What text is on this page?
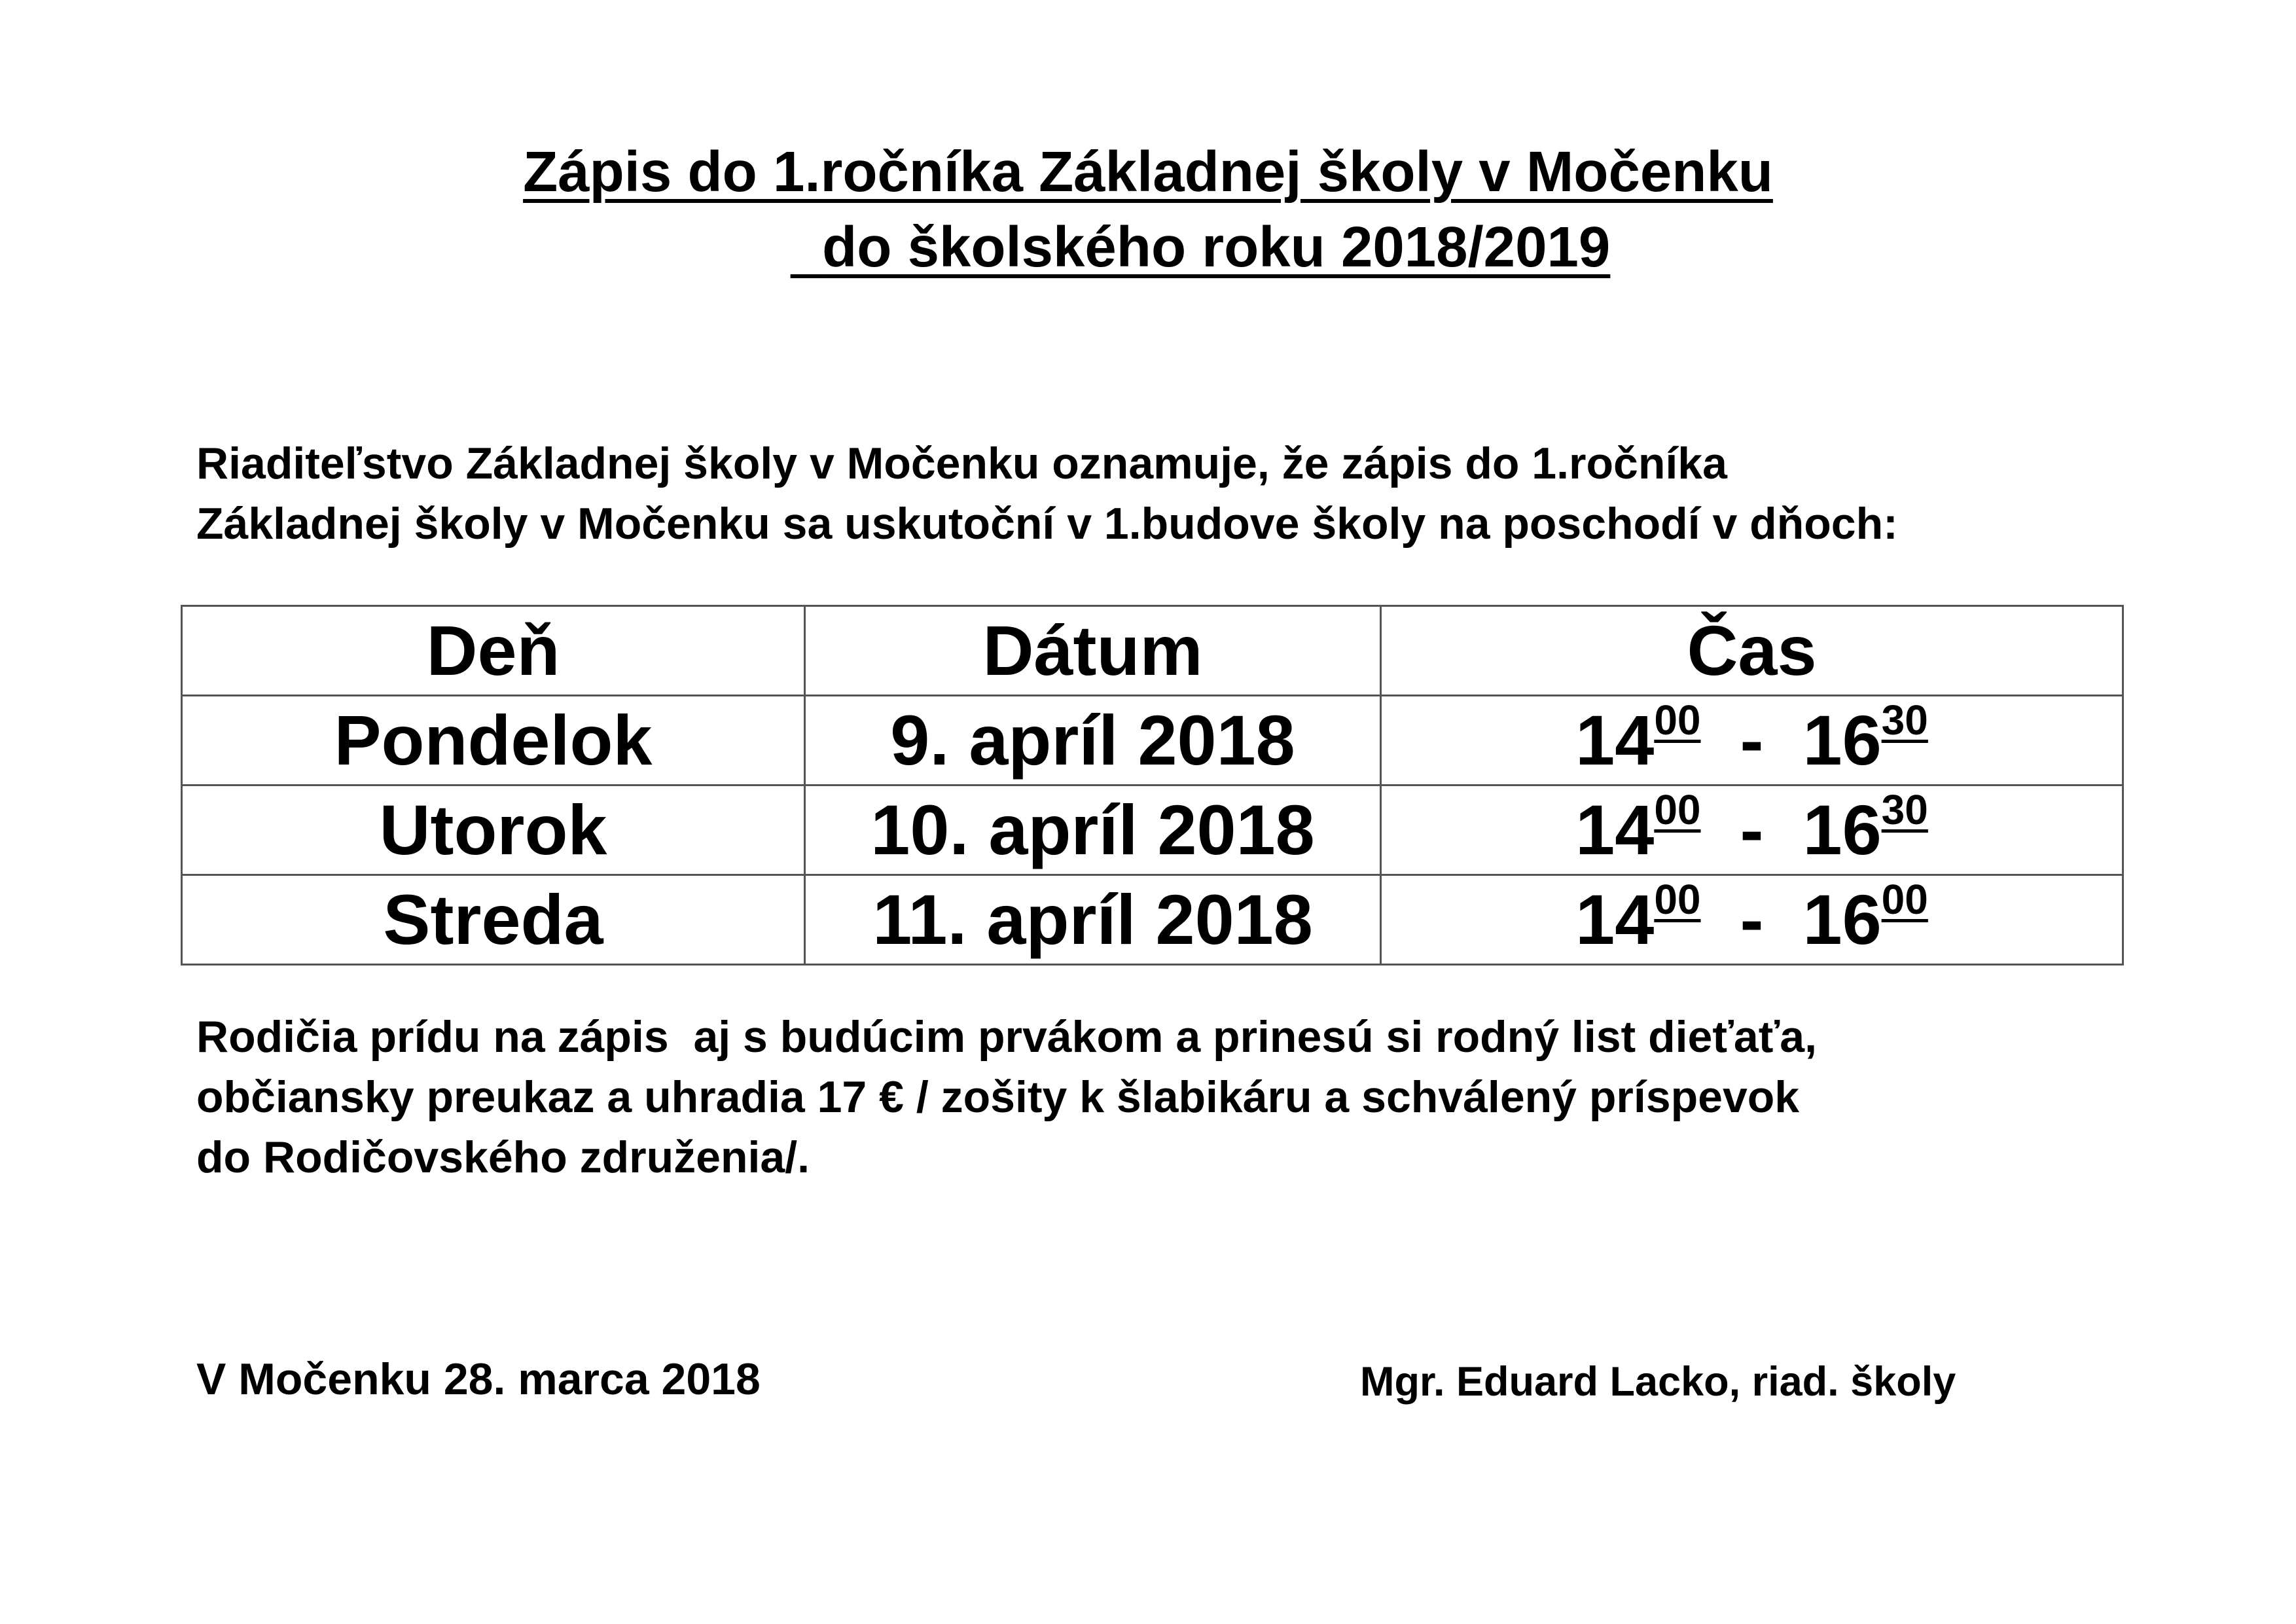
Zápis do 1.ročníka Základnej školy v Močenku
do školského roku 2018/2019
Riaditeľstvo Základnej školy v Močenku oznamuje, že zápis do 1.ročníka
Základnej školy v Močenku sa uskutoční v 1.budove školy na poschodí v dňoch:
Deň	Dátum	Čas
Pondelok	9. apríl 2018	$14^{00} - 16^{30}$
Utorok	10. apríl 2018	$14^{00} - 16^{30}$
Streda	11. apríl 2018	$14^{00} - 16^{00}$
Rodičia prídu na zápis  aj s budúcim prvákom a prinesú si rodný list dieťaťa,
občiansky preukaz a uhradia 17 € / zošity k šlabikáru a schválený príspevok
do Rodičovského združenia/.
V Močenku 28. marca 2018	Mgr. Eduard Lacko, riad. školy
